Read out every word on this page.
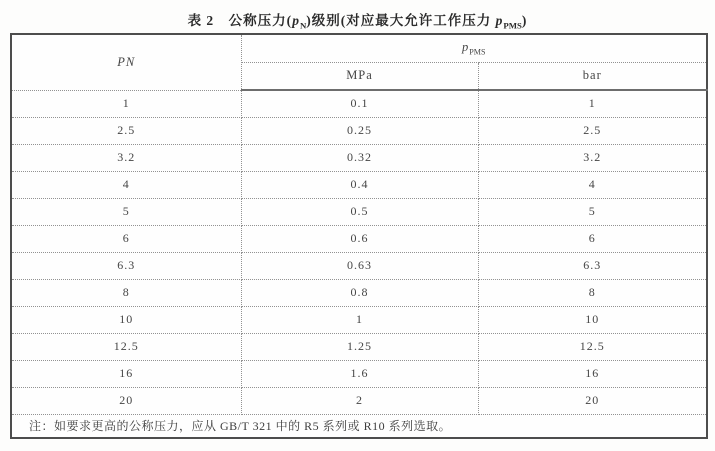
表 2　公称压力$(p_N)$级别(对应最大允许工作压力 $p_{PMS}$)
PN	$p_{PMS}$
	MPa	bar
1	0.1	1
2.5	0.25	2.5
3.2	0.32	3.2
4	0.4	4
5	0.5	5
6	0.6	6
6.3	0.63	6.3
8	0.8	8
10	1	10
12.5	1.25	12.5
16	1.6	16
20	2	20
注：如要求更高的公称压力，应从 GB/T 321 中的 R5 系列或 R10 系列选取。		
